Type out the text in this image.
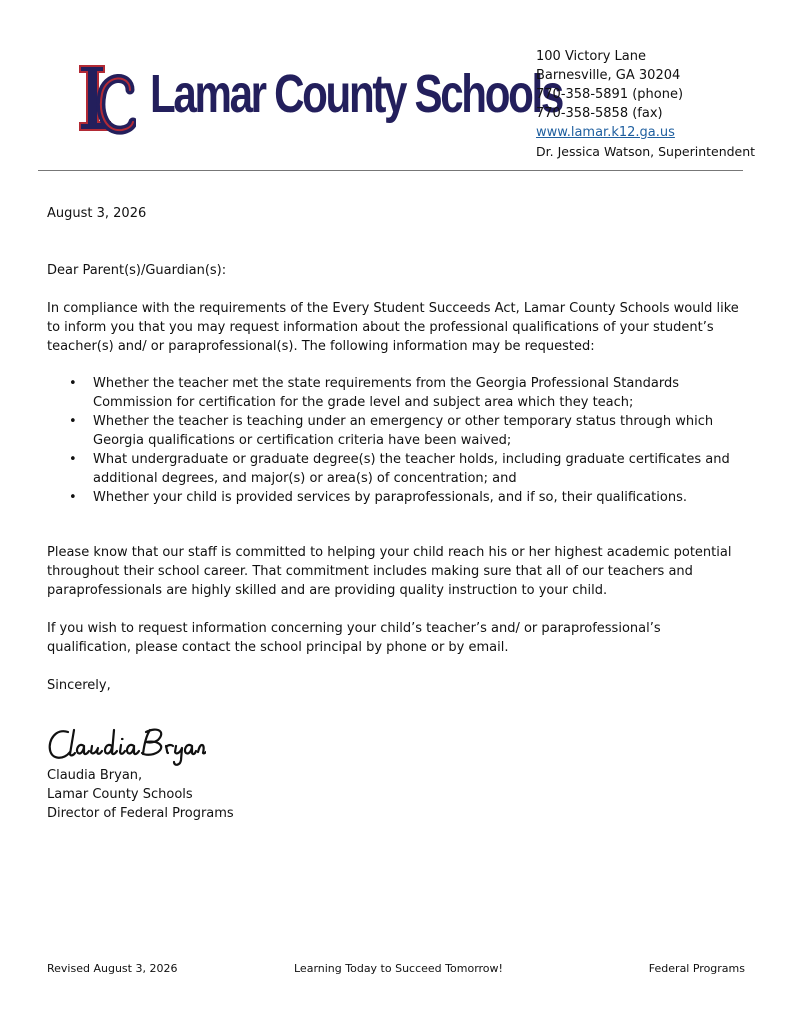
Lamar County Schools
100 Victory Lane
Barnesville, GA 30204
770-358-5891 (phone)
770-358-5858 (fax)
www.lamar.k12.ga.us
Dr. Jessica Watson, Superintendent
August 3, 2026
Dear Parent(s)/Guardian(s):
In compliance with the requirements of the Every Student Succeeds Act, Lamar County Schools would like to inform you that you may request information about the professional qualifications of your student’s teacher(s) and/ or paraprofessional(s). The following information may be requested:
• Whether the teacher met the state requirements from the Georgia Professional Standards Commission for certification for the grade level and subject area which they teach;
• Whether the teacher is teaching under an emergency or other temporary status through which Georgia qualifications or certification criteria have been waived;
• What undergraduate or graduate degree(s) the teacher holds, including graduate certificates and additional degrees, and major(s) or area(s) of concentration; and
• Whether your child is provided services by paraprofessionals, and if so, their qualifications.
Please know that our staff is committed to helping your child reach his or her highest academic potential throughout their school career. That commitment includes making sure that all of our teachers and paraprofessionals are highly skilled and are providing quality instruction to your child.
If you wish to request information concerning your child’s teacher’s and/ or paraprofessional’s qualification, please contact the school principal by phone or by email.
Sincerely,
Claudia Bryan,
Lamar County Schools
Director of Federal Programs
Revised August 3, 2026	Learning Today to Succeed Tomorrow!	Federal Programs
